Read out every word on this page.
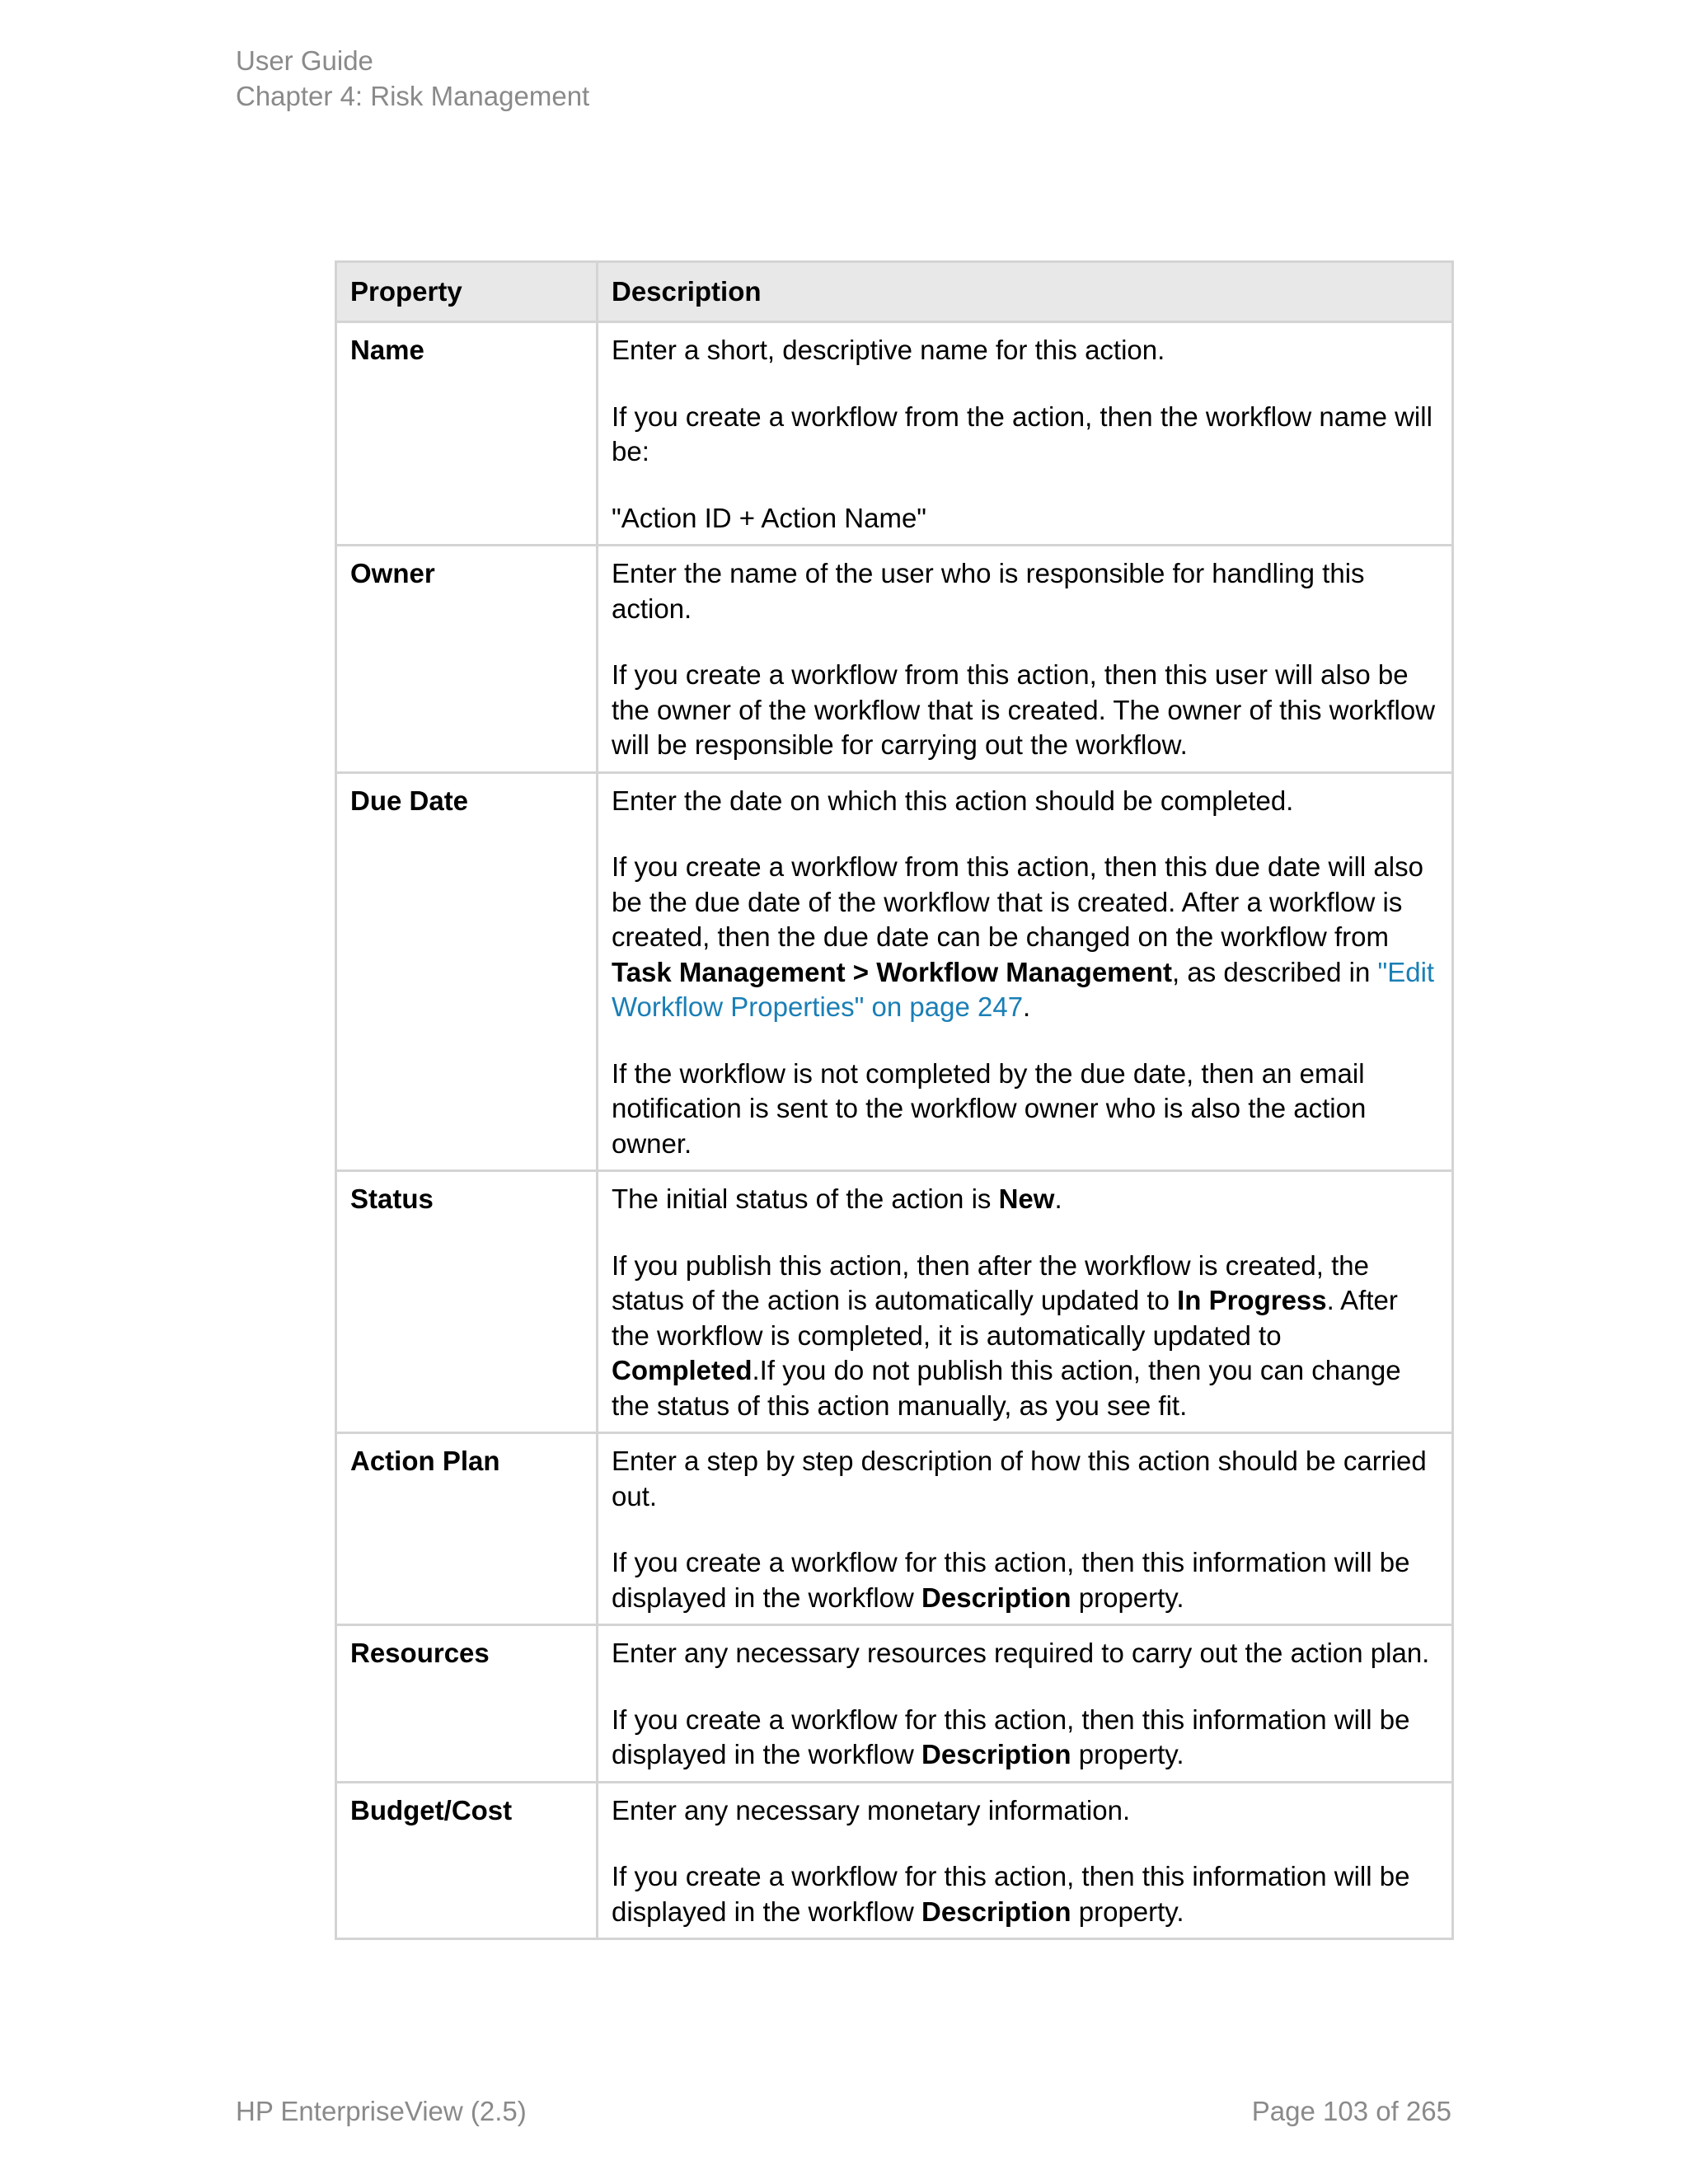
User Guide
Chapter 4: Risk Management
Property	Description
Name	Enter a short, descriptive name for this action.

If you create a workflow from the action, then the workflow name will be:

"Action ID + Action Name"

Owner	Enter the name of the user who is responsible for handling this action.

If you create a workflow from this action, then this user will also be the owner of the workflow that is created. The owner of this workflow will be responsible for carrying out the workflow.

Due Date	Enter the date on which this action should be completed.

If you create a workflow from this action, then this due date will also be the due date of the workflow that is created. After a workflow is created, then the due date can be changed on the workflow from Task Management > Workflow Management, as described in "Edit Workflow Properties" on page 247.

If the workflow is not completed by the due date, then an email notification is sent to the workflow owner who is also the action owner.

Status	The initial status of the action is New.

If you publish this action, then after the workflow is created, the status of the action is automatically updated to In Progress. After the workflow is completed, it is automatically updated to Completed.If you do not publish this action, then you can change the status of this action manually, as you see fit.

Action Plan	Enter a step by step description of how this action should be carried out.

If you create a workflow for this action, then this information will be displayed in the workflow Description property.

Resources	Enter any necessary resources required to carry out the action plan.

If you create a workflow for this action, then this information will be displayed in the workflow Description property.

Budget/Cost	Enter any necessary monetary information.

If you create a workflow for this action, then this information will be displayed in the workflow Description property.

HP EnterpriseView (2.5)	Page 103 of 265
